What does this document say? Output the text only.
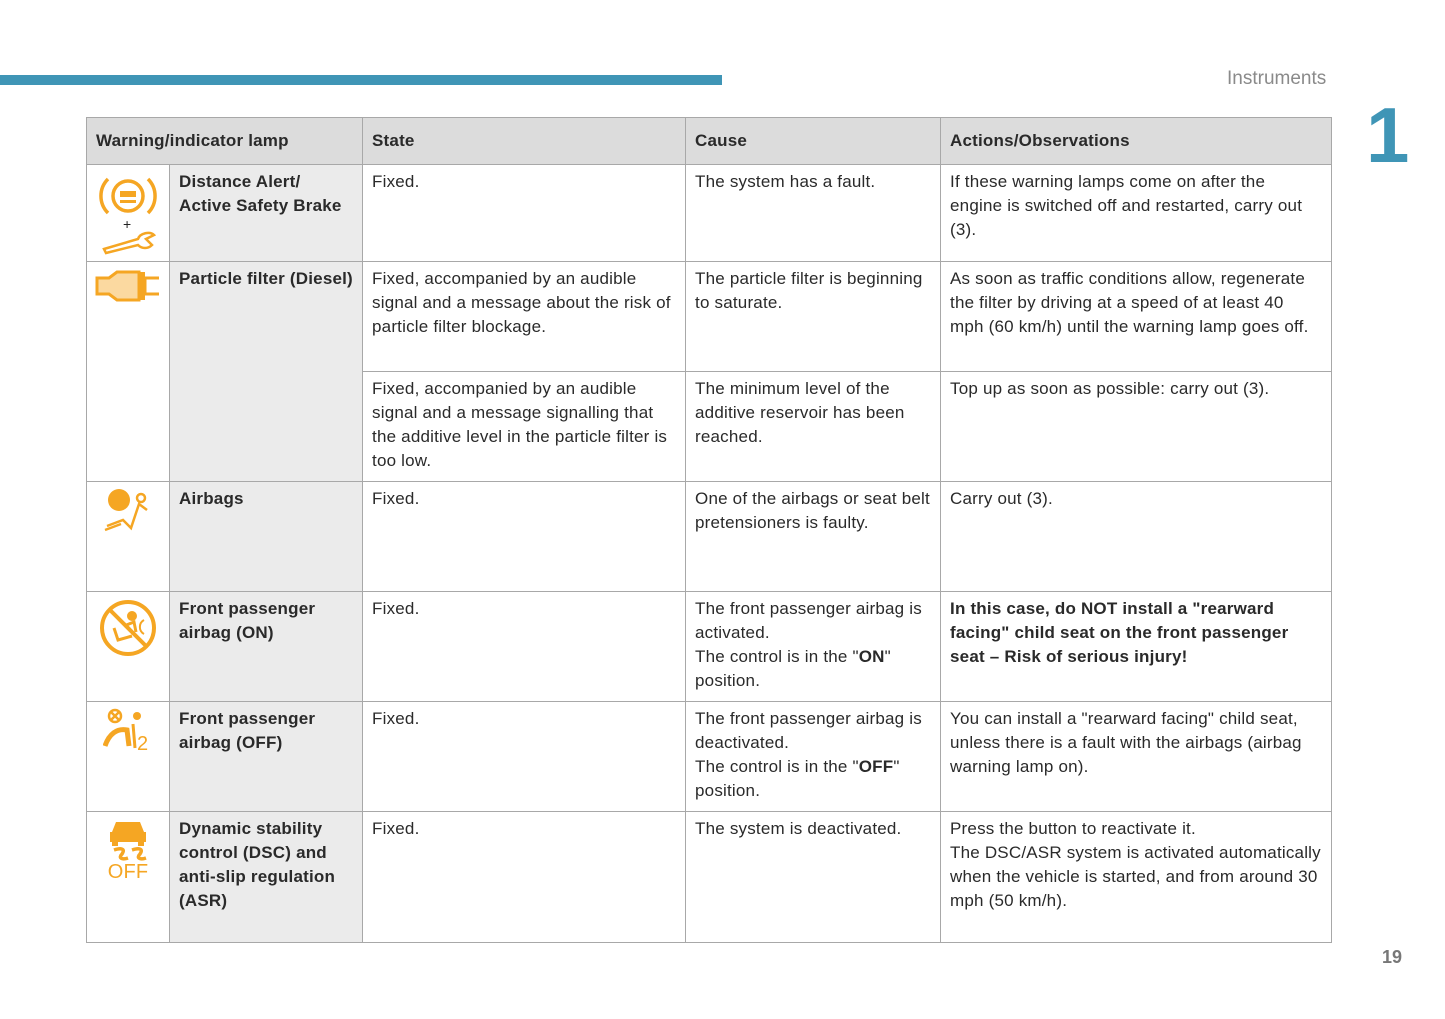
Instruments
1
19
Warning/indicator lamp		State	Cause	Actions/Observations

+	Distance Alert/ Active Safety Brake	Fixed.	The system has a fault.	If these warning lamps come on after the engine is switched off and restarted, carry out (3).

	Particle filter (Diesel)	Fixed, accompanied by an audible signal and a message about the risk of particle filter blockage.	The particle filter is beginning to saturate.	As soon as traffic conditions allow, regenerate the filter by driving at a speed of at least 40 mph (60 km/h) until the warning lamp goes off.
		Fixed, accompanied by an audible signal and a message signalling that the additive level in the particle filter is too low.	The minimum level of the additive reservoir has been reached.	Top up as soon as possible: carry out (3).

	Airbags	Fixed.	One of the airbags or seat belt pretensioners is faulty.	Carry out (3).

	Front passenger airbag (ON)	Fixed.	The front passenger airbag is activated.
The control is in the "ON" position.	In this case, do NOT install a "rearward facing" child seat on the front passenger seat – Risk of serious injury!

2	Front passenger airbag (OFF)	Fixed.	The front passenger airbag is deactivated.
The control is in the "OFF" position.	You can install a "rearward facing" child seat, unless there is a fault with the airbags (airbag warning lamp on).

OFF	Dynamic stability control (DSC) and anti-slip regulation (ASR)	Fixed.	The system is deactivated.	Press the button to reactivate it.
The DSC/ASR system is activated automatically when the vehicle is started, and from around 30 mph (50 km/h).
